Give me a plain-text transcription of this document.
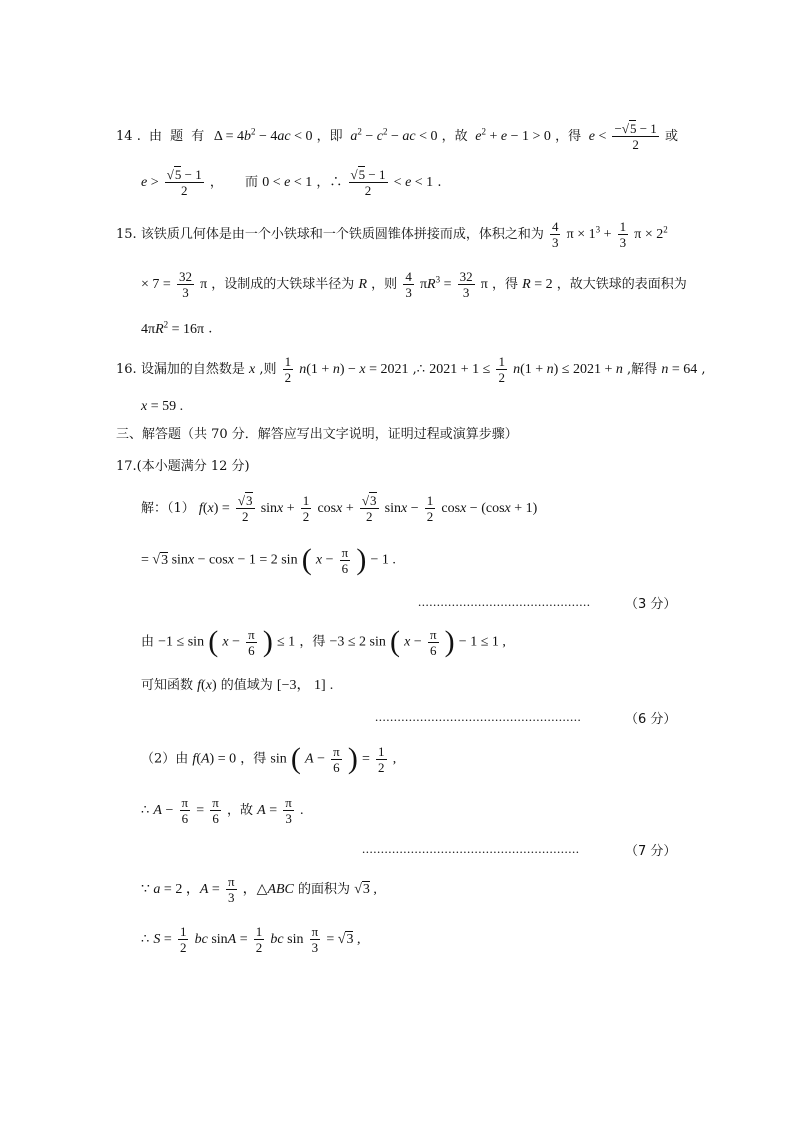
14 . 由 题 有  $\Delta = 4b^2 - 4ac < 0$ ，即 $a^2 - c^2$ − ac < 0 ，故 $e^2 + e - 1 > 0$ ，得 $e < \frac{-√5 - 1}{2}$ 或
$e > \frac{√5 - 1}{2}$ ， 而 0 < e < 1 ，∴ $\frac{√5 - 1}{2} < e < 1$ .
15. 该铁质几何体是由一个小铁球和一个铁质圆锥体拼接而成，体积之和为 $\frac{4}{3}$ $\pi \times 1^3 + \frac{1}{3}$ $\pi \times 2^2$
× $7 = \frac{32}{3}$ π ，设制成的大铁球半径为 R ，则 $\frac{4}{3} \pi R^3 = \frac{32}{3}$ π ，得 R = 2 ，故大铁球的表面积为
$4\pi R^2 = 16\pi$ .
16. 设漏加的自然数是 x ,则 $\frac{1}{2} n(1 + n) - x = 2021$ ,∴ $2021 + 1 \le \frac{1}{2} n(1 + n) \le 2021 + n$ ,解得 n = 64 ,
x = 59 .
三、解答题（共 70 分．解答应写出文字说明，证明过程或演算步骤）
17.(本小题满分 12 分)
解：（1） $f(x) = \frac{√3}{2}$ $\sin x + \frac{1}{2}$ $\cos x + \frac{√3}{2}$ $\sin x - \frac{1}{2}$ cosx − (cosx + 1)
= √3 sinx − cosx − 1 = 2 sin ( $x - \frac{\pi}{6}$ ) − 1 .
..............................................	（3 分）
由 −1 ≤ sin ( $x - \frac{\pi}{6}$ ) ≤ 1 ，得 −3 ≤ 2 sin ( $x - \frac{\pi}{6}$ ) − 1 ≤ 1 ,
可知函数 f(x) 的值域为 [−3， 1] .
.......................................................	（6 分）
（2）由 f(A) = 0 ，得 sin ( $A - \frac{\pi}{6}$ ) = $\frac{1}{2}$ ,
∴ $A - \frac{\pi}{6} = \frac{\pi}{6}$ ，故 $A = \frac{\pi}{3}$ .
..........................................................	（7 分）
∵ a = 2 ，$A = \frac{\pi}{3}$ ，△ABC 的面积为 √3 ,
∴ $S = \frac{1}{2}$ bc $\sin A = \frac{1}{2}$ bc $\sin \frac{\pi}{3} = √3$ ,
